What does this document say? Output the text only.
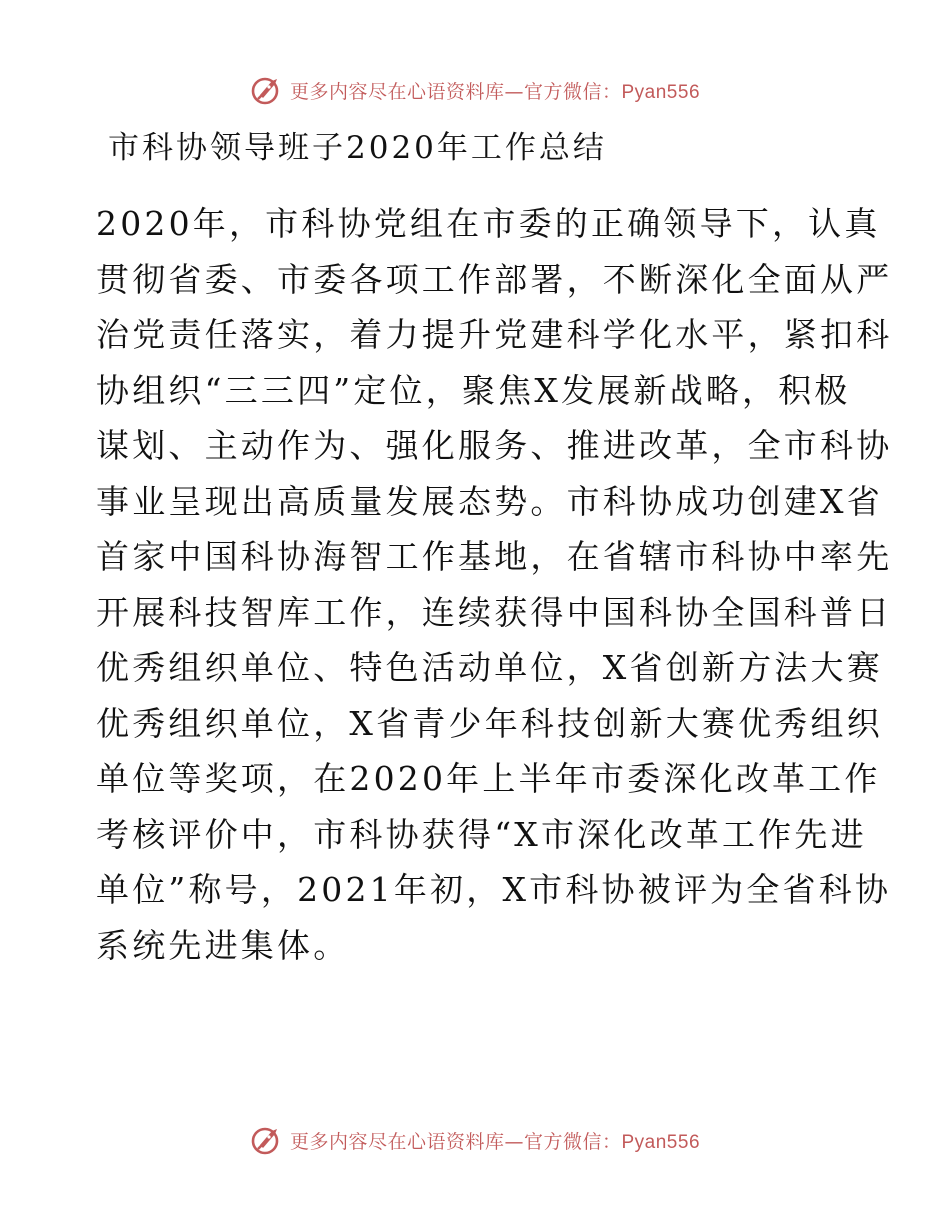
更多内容尽在心语资料库—官方微信：Pyan556
市科协领导班子2020年工作总结
2020年，市科协党组在市委的正确领导下，认真
贯彻省委、市委各项工作部署，不断深化全面从严
治党责任落实，着力提升党建科学化水平，紧扣科
协组织“三三四”定位，聚焦X发展新战略，积极
谋划、主动作为、强化服务、推进改革，全市科协
事业呈现出高质量发展态势。市科协成功创建X省
首家中国科协海智工作基地，在省辖市科协中率先
开展科技智库工作，连续获得中国科协全国科普日
优秀组织单位、特色活动单位，X省创新方法大赛
优秀组织单位，X省青少年科技创新大赛优秀组织
单位等奖项，在2020年上半年市委深化改革工作
考核评价中，市科协获得“X市深化改革工作先进
单位”称号，2021年初，X市科协被评为全省科协
系统先进集体。
更多内容尽在心语资料库—官方微信：Pyan556
